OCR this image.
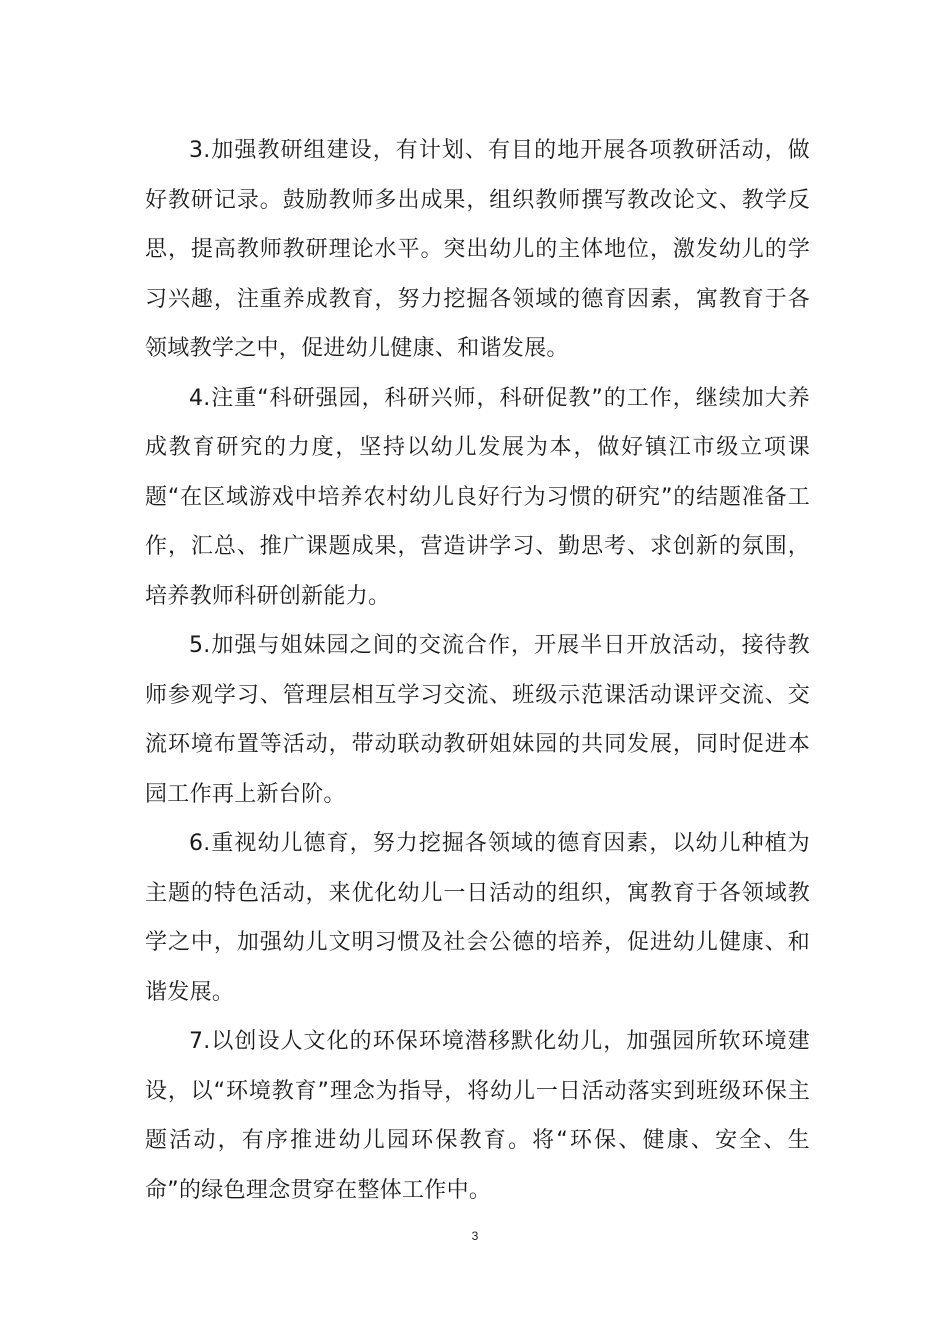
3.加强教研组建设，有计划、有目的地开展各项教研活动，做好教研记录。鼓励教师多出成果，组织教师撰写教改论文、教学反思，提高教师教研理论水平。突出幼儿的主体地位，激发幼儿的学习兴趣，注重养成教育，努力挖掘各领域的德育因素，寓教育于各领域教学之中，促进幼儿健康、和谐发展。

4.注重“科研强园，科研兴师，科研促教”的工作，继续加大养成教育研究的力度，坚持以幼儿发展为本，做好镇江市级立项课题“在区域游戏中培养农村幼儿良好行为习惯的研究”的结题准备工作，汇总、推广课题成果，营造讲学习、勤思考、求创新的氛围，培养教师科研创新能力。

5.加强与姐妹园之间的交流合作，开展半日开放活动，接待教师参观学习、管理层相互学习交流、班级示范课活动课评交流、交流环境布置等活动，带动联动教研姐妹园的共同发展，同时促进本园工作再上新台阶。

6.重视幼儿德育，努力挖掘各领域的德育因素，以幼儿种植为主题的特色活动，来优化幼儿一日活动的组织，寓教育于各领域教学之中，加强幼儿文明习惯及社会公德的培养，促进幼儿健康、和谐发展。

7.以创设人文化的环保环境潜移默化幼儿，加强园所软环境建设，以“环境教育”理念为指导，将幼儿一日活动落实到班级环保主题活动，有序推进幼儿园环保教育。将“环保、健康、安全、生命”的绿色理念贯穿在整体工作中。

3
